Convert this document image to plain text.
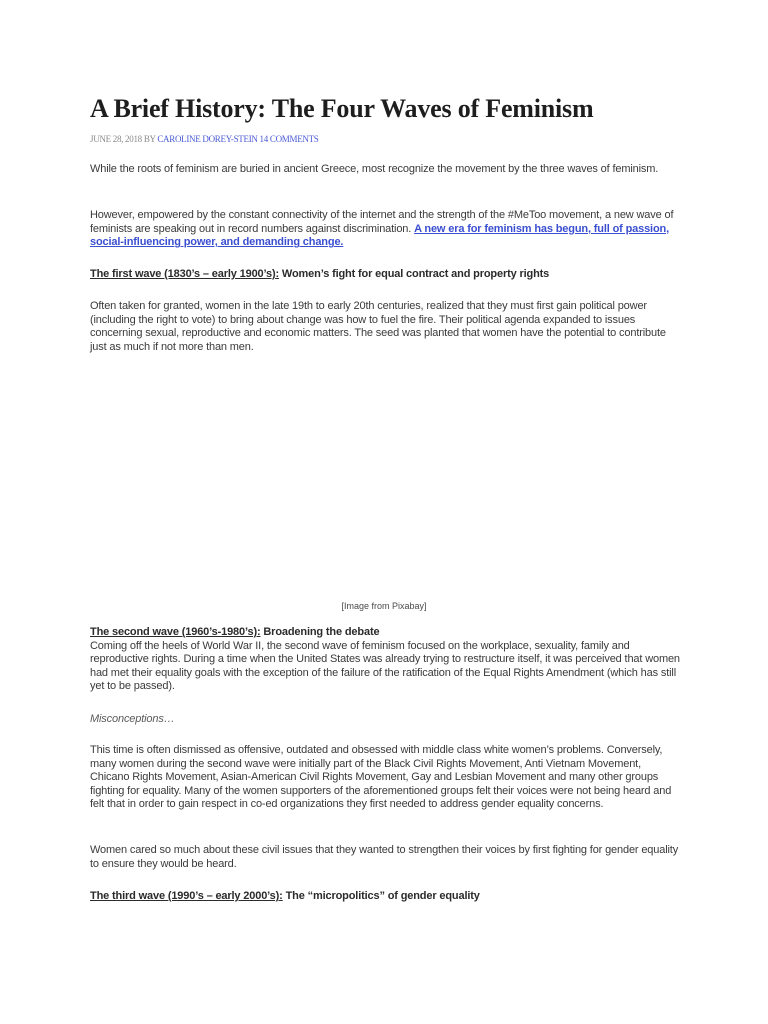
A Brief History: The Four Waves of Feminism
JUNE 28, 2018 BY CAROLINE DOREY-STEIN 14 COMMENTS

While the roots of feminism are buried in ancient Greece, most recognize the movement by the three waves of feminism.

However, empowered by the constant connectivity of the internet and the strength of the #MeToo movement, a new wave of feminists are speaking out in record numbers against discrimination. A new era for feminism has begun, full of passion, social-influencing power, and demanding change.

The first wave (1830’s – early 1900’s): Women’s fight for equal contract and property rights

Often taken for granted, women in the late 19th to early 20th centuries, realized that they must first gain political power (including the right to vote) to bring about change was how to fuel the fire. Their political agenda expanded to issues concerning sexual, reproductive and economic matters. The seed was planted that women have the potential to contribute just as much if not more than men.

[Image from Pixabay]
The second wave (1960’s-1980’s): Broadening the debate
Coming off the heels of World War II, the second wave of feminism focused on the workplace, sexuality, family and reproductive rights. During a time when the United States was already trying to restructure itself, it was perceived that women had met their equality goals with the exception of the failure of the ratification of the Equal Rights Amendment (which has still yet to be passed).

Misconceptions…

This time is often dismissed as offensive, outdated and obsessed with middle class white women’s problems. Conversely, many women during the second wave were initially part of the Black Civil Rights Movement, Anti Vietnam Movement, Chicano Rights Movement, Asian-American Civil Rights Movement, Gay and Lesbian Movement and many other groups fighting for equality. Many of the women supporters of the aforementioned groups felt their voices were not being heard and felt that in order to gain respect in co-ed organizations they first needed to address gender equality concerns.

Women cared so much about these civil issues that they wanted to strengthen their voices by first fighting for gender equality to ensure they would be heard.

The third wave (1990’s – early 2000’s): The “micropolitics” of gender equality
